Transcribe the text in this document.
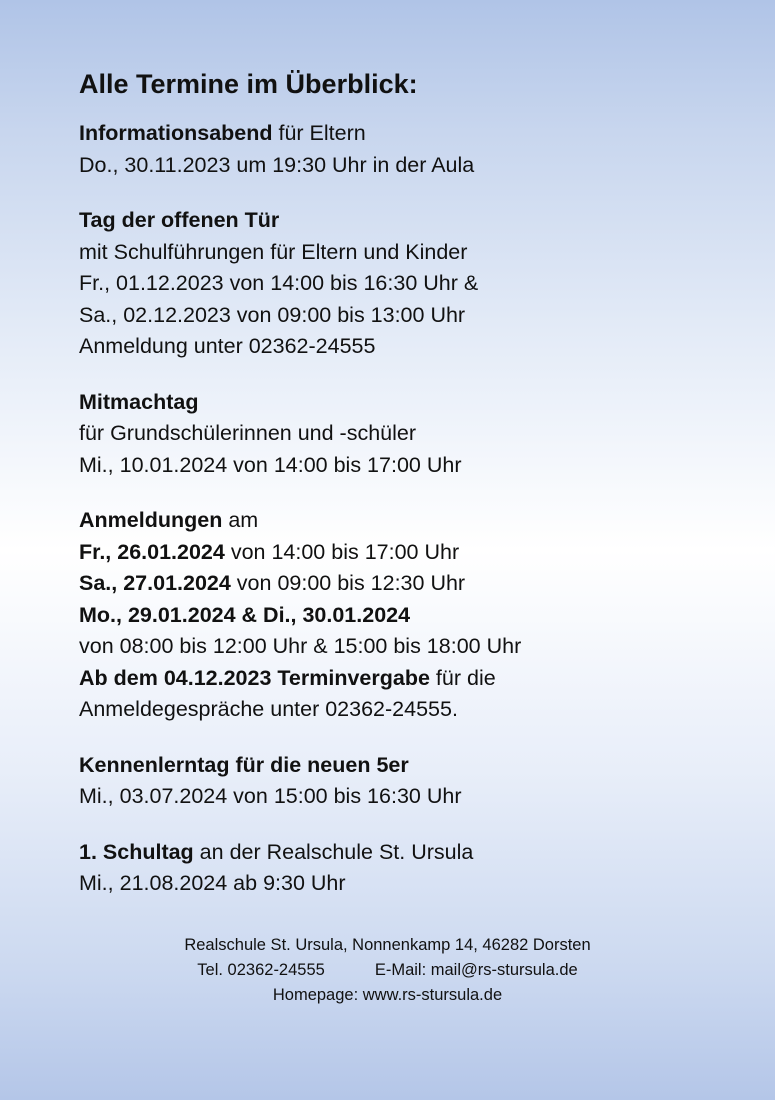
Alle Termine im Überblick:
Informationsabend für Eltern
Do., 30.11.2023 um 19:30 Uhr in der Aula
Tag der offenen Tür
mit Schulführungen für Eltern und Kinder
Fr., 01.12.2023 von 14:00 bis 16:30 Uhr &
Sa., 02.12.2023 von 09:00 bis 13:00 Uhr
Anmeldung unter 02362-24555
Mitmachtag
für Grundschülerinnen und -schüler
Mi., 10.01.2024 von 14:00 bis 17:00 Uhr
Anmeldungen am
Fr., 26.01.2024 von 14:00 bis 17:00 Uhr
Sa., 27.01.2024 von 09:00 bis 12:30 Uhr
Mo., 29.01.2024 & Di., 30.01.2024
von 08:00 bis 12:00 Uhr & 15:00 bis 18:00 Uhr
Ab dem 04.12.2023 Terminvergabe für die
Anmeldegespräche unter 02362-24555.
Kennenlerntag für die neuen 5er
Mi., 03.07.2024 von 15:00 bis 16:30 Uhr
1. Schultag an der Realschule St. Ursula
Mi., 21.08.2024 ab 9:30 Uhr
Realschule St. Ursula, Nonnenkamp 14, 46282 Dorsten
Tel. 02362-24555	E-Mail: mail@rs-stursula.de
Homepage: www.rs-stursula.de
